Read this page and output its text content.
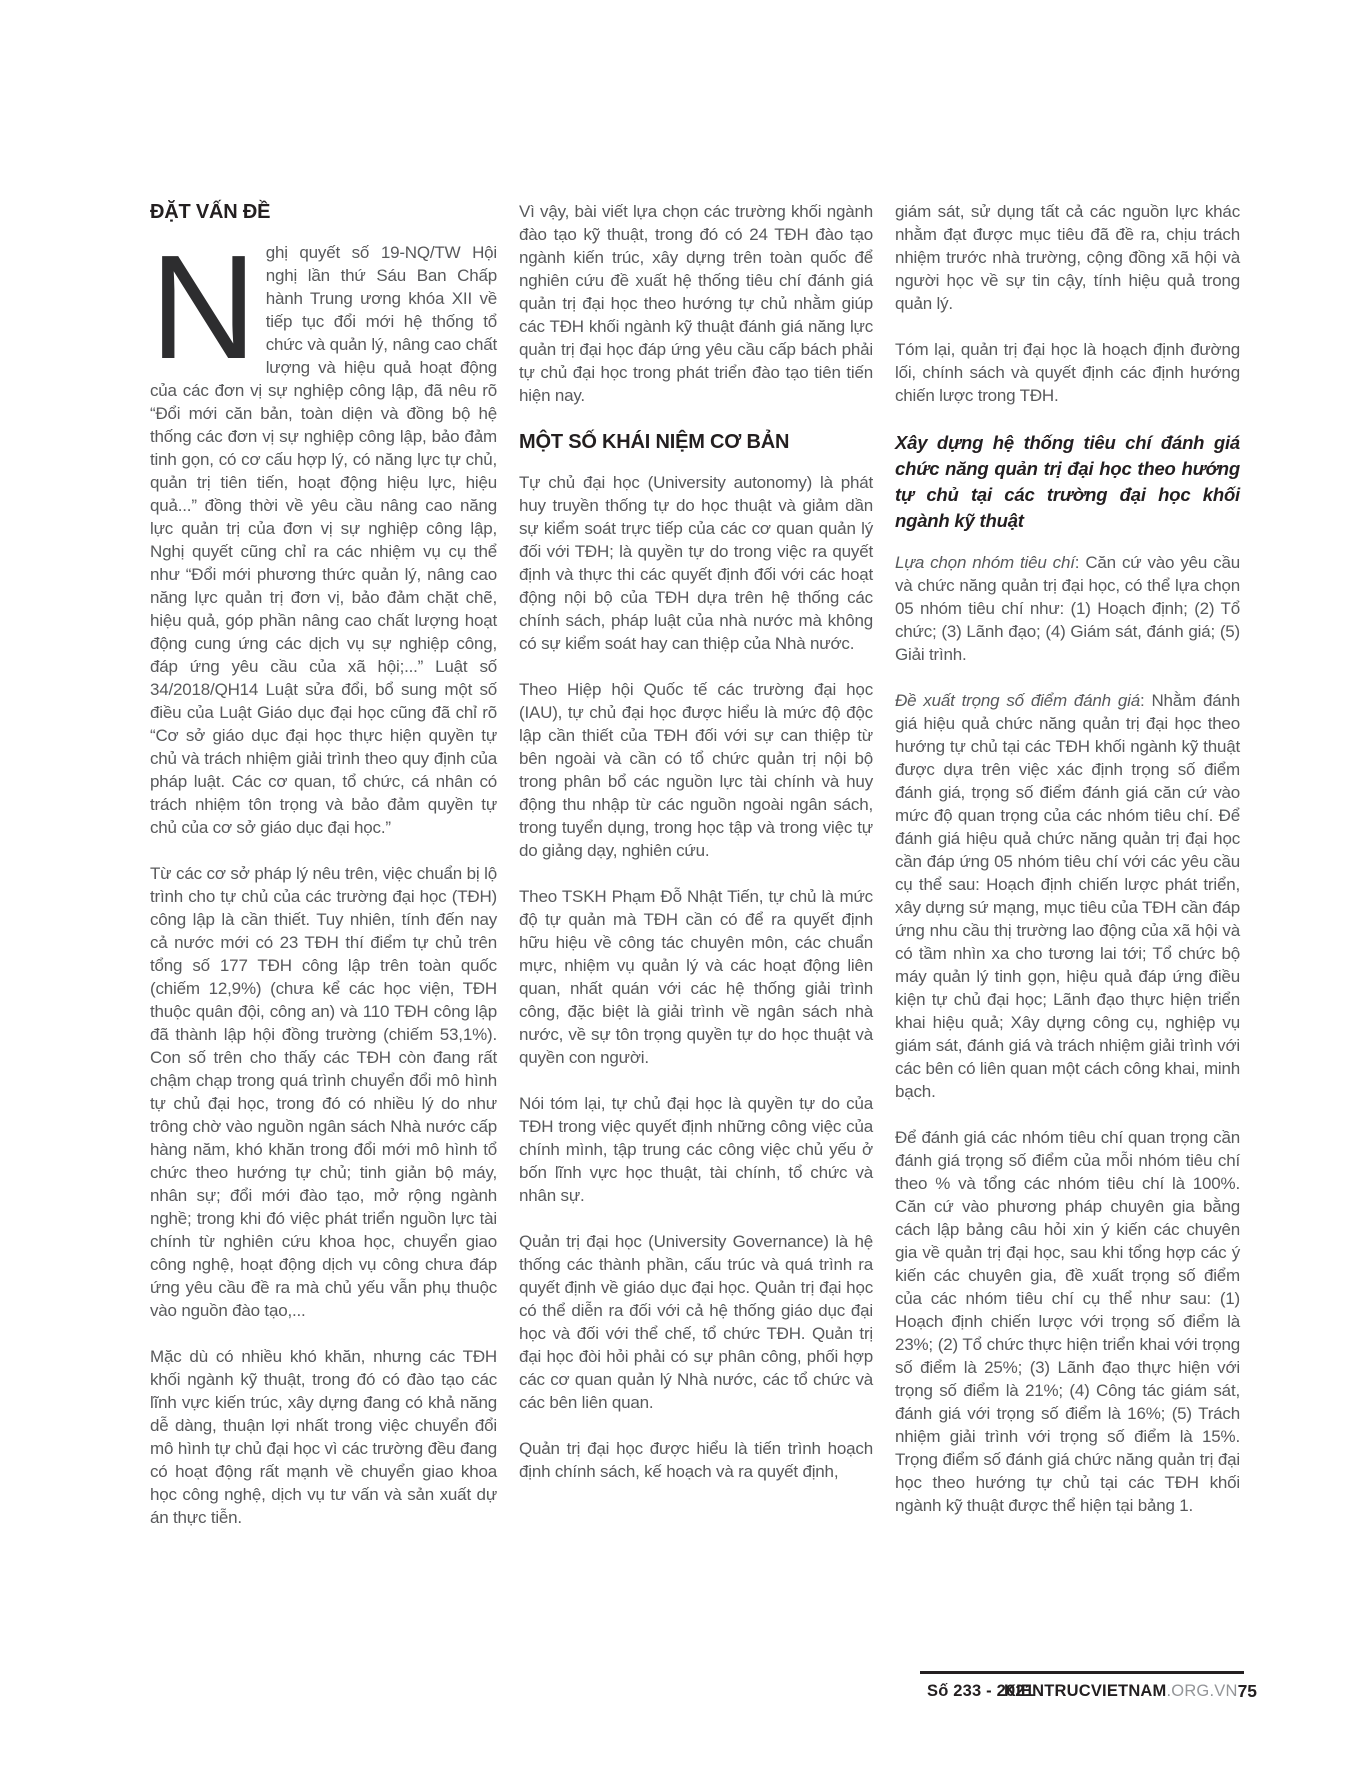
ĐẶT VẤN ĐỀ

Nghị quyết số 19-NQ/TW Hội nghị lần thứ Sáu Ban Chấp hành Trung ương khóa XII về tiếp tục đổi mới hệ thống tổ chức và quản lý, nâng cao chất lượng và hiệu quả hoạt động của các đơn vị sự nghiệp công lập, đã nêu rõ “Đổi mới căn bản, toàn diện và đồng bộ hệ thống các đơn vị sự nghiệp công lập, bảo đảm tinh gọn, có cơ cấu hợp lý, có năng lực tự chủ, quản trị tiên tiến, hoạt động hiệu lực, hiệu quả...” đồng thời về yêu cầu nâng cao năng lực quản trị của đơn vị sự nghiệp công lập, Nghị quyết cũng chỉ ra các nhiệm vụ cụ thể như “Đổi mới phương thức quản lý, nâng cao năng lực quản trị đơn vị, bảo đảm chặt chẽ, hiệu quả, góp phần nâng cao chất lượng hoạt động cung ứng các dịch vụ sự nghiệp công, đáp ứng yêu cầu của xã hội;...” Luật số 34/2018/QH14 Luật sửa đổi, bổ sung một số điều của Luật Giáo dục đại học cũng đã chỉ rõ “Cơ sở giáo dục đại học thực hiện quyền tự chủ và trách nhiệm giải trình theo quy định của pháp luật. Các cơ quan, tổ chức, cá nhân có trách nhiệm tôn trọng và bảo đảm quyền tự chủ của cơ sở giáo dục đại học.”

Từ các cơ sở pháp lý nêu trên, việc chuẩn bị lộ trình cho tự chủ của các trường đại học (TĐH) công lập là cần thiết. Tuy nhiên, tính đến nay cả nước mới có 23 TĐH thí điểm tự chủ trên tổng số 177 TĐH công lập trên toàn quốc (chiếm 12,9%) (chưa kể các học viện, TĐH thuộc quân đội, công an) và 110 TĐH công lập đã thành lập hội đồng trường (chiếm 53,1%). Con số trên cho thấy các TĐH còn đang rất chậm chạp trong quá trình chuyển đổi mô hình tự chủ đại học, trong đó có nhiều lý do như trông chờ vào nguồn ngân sách Nhà nước cấp hàng năm, khó khăn trong đổi mới mô hình tổ chức theo hướng tự chủ; tinh giản bộ máy, nhân sự; đổi mới đào tạo, mở rộng ngành nghề; trong khi đó việc phát triển nguồn lực tài chính từ nghiên cứu khoa học, chuyển giao công nghệ, hoạt động dịch vụ công chưa đáp ứng yêu cầu đề ra mà chủ yếu vẫn phụ thuộc vào nguồn đào tạo,...

Mặc dù có nhiều khó khăn, nhưng các TĐH khối ngành kỹ thuật, trong đó có đào tạo các lĩnh vực kiến trúc, xây dựng đang có khả năng dễ dàng, thuận lợi nhất trong việc chuyển đổi mô hình tự chủ đại học vì các trường đều đang có hoạt động rất mạnh về chuyển giao khoa học công nghệ, dịch vụ tư vấn và sản xuất dự án thực tiễn.

Vì vậy, bài viết lựa chọn các trường khối ngành đào tạo kỹ thuật, trong đó có 24 TĐH đào tạo ngành kiến trúc, xây dựng trên toàn quốc để nghiên cứu đề xuất hệ thống tiêu chí đánh giá quản trị đại học theo hướng tự chủ nhằm giúp các TĐH khối ngành kỹ thuật đánh giá năng lực quản trị đại học đáp ứng yêu cầu cấp bách phải tự chủ đại học trong phát triển đào tạo tiên tiến hiện nay.

MỘT SỐ KHÁI NIỆM CƠ BẢN

Tự chủ đại học (University autonomy) là phát huy truyền thống tự do học thuật và giảm dần sự kiểm soát trực tiếp của các cơ quan quản lý đối với TĐH; là quyền tự do trong việc ra quyết định và thực thi các quyết định đối với các hoạt động nội bộ của TĐH dựa trên hệ thống các chính sách, pháp luật của nhà nước mà không có sự kiểm soát hay can thiệp của Nhà nước.

Theo Hiệp hội Quốc tế các trường đại học (IAU), tự chủ đại học được hiểu là mức độ độc lập cần thiết của TĐH đối với sự can thiệp từ bên ngoài và cần có tổ chức quản trị nội bộ trong phân bổ các nguồn lực tài chính và huy động thu nhập từ các nguồn ngoài ngân sách, trong tuyển dụng, trong học tập và trong việc tự do giảng dạy, nghiên cứu.

Theo TSKH Phạm Đỗ Nhật Tiến, tự chủ là mức độ tự quản mà TĐH cần có để ra quyết định hữu hiệu về công tác chuyên môn, các chuẩn mực, nhiệm vụ quản lý và các hoạt động liên quan, nhất quán với các hệ thống giải trình công, đặc biệt là giải trình về ngân sách nhà nước, về sự tôn trọng quyền tự do học thuật và quyền con người.

Nói tóm lại, tự chủ đại học là quyền tự do của TĐH trong việc quyết định những công việc của chính mình, tập trung các công việc chủ yếu ở bốn lĩnh vực học thuật, tài chính, tổ chức và nhân sự.

Quản trị đại học (University Governance) là hệ thống các thành phần, cấu trúc và quá trình ra quyết định về giáo dục đại học. Quản trị đại học có thể diễn ra đối với cả hệ thống giáo dục đại học và đối với thể chế, tổ chức TĐH. Quản trị đại học đòi hỏi phải có sự phân công, phối hợp các cơ quan quản lý Nhà nước, các tổ chức và các bên liên quan.

Quản trị đại học được hiểu là tiến trình hoạch định chính sách, kế hoạch và ra quyết định,

giám sát, sử dụng tất cả các nguồn lực khác nhằm đạt được mục tiêu đã đề ra, chịu trách nhiệm trước nhà trường, cộng đồng xã hội và người học về sự tin cậy, tính hiệu quả trong quản lý.

Tóm lại, quản trị đại học là hoạch định đường lối, chính sách và quyết định các định hướng chiến lược trong TĐH.

Xây dựng hệ thống tiêu chí đánh giá chức năng quản trị đại học theo hướng tự chủ tại các trường đại học khối ngành kỹ thuật

Lựa chọn nhóm tiêu chí: Căn cứ vào yêu cầu và chức năng quản trị đại học, có thể lựa chọn 05 nhóm tiêu chí như: (1) Hoạch định; (2) Tổ chức; (3) Lãnh đạo; (4) Giám sát, đánh giá; (5) Giải trình.

Đề xuất trọng số điểm đánh giá: Nhằm đánh giá hiệu quả chức năng quản trị đại học theo hướng tự chủ tại các TĐH khối ngành kỹ thuật được dựa trên việc xác định trọng số điểm đánh giá, trọng số điểm đánh giá căn cứ vào mức độ quan trọng của các nhóm tiêu chí. Để đánh giá hiệu quả chức năng quản trị đại học cần đáp ứng 05 nhóm tiêu chí với các yêu cầu cụ thể sau: Hoạch định chiến lược phát triển, xây dựng sứ mạng, mục tiêu của TĐH cần đáp ứng nhu cầu thị trường lao động của xã hội và có tầm nhìn xa cho tương lai tới; Tổ chức bộ máy quản lý tinh gọn, hiệu quả đáp ứng điều kiện tự chủ đại học; Lãnh đạo thực hiện triển khai hiệu quả; Xây dựng công cụ, nghiệp vụ giám sát, đánh giá và trách nhiệm giải trình với các bên có liên quan một cách công khai, minh bạch.

Để đánh giá các nhóm tiêu chí quan trọng cần đánh giá trọng số điểm của mỗi nhóm tiêu chí theo % và tổng các nhóm tiêu chí là 100%. Căn cứ vào phương pháp chuyên gia bằng cách lập bảng câu hỏi xin ý kiến các chuyên gia về quản trị đại học, sau khi tổng hợp các ý kiến các chuyên gia, đề xuất trọng số điểm của các nhóm tiêu chí cụ thể như sau: (1) Hoạch định chiến lược với trọng số điểm là 23%; (2) Tổ chức thực hiện triển khai với trọng số điểm là 25%; (3) Lãnh đạo thực hiện với trọng số điểm là 21%; (4) Công tác giám sát, đánh giá với trọng số điểm là 16%; (5) Trách nhiệm giải trình với trọng số điểm là 15%. Trọng điểm số đánh giá chức năng quản trị đại học theo hướng tự chủ tại các TĐH khối ngành kỹ thuật được thể hiện tại bảng 1.

Số 233 - 2021
KIENTRUCVIETNAM.ORG.VN 75
